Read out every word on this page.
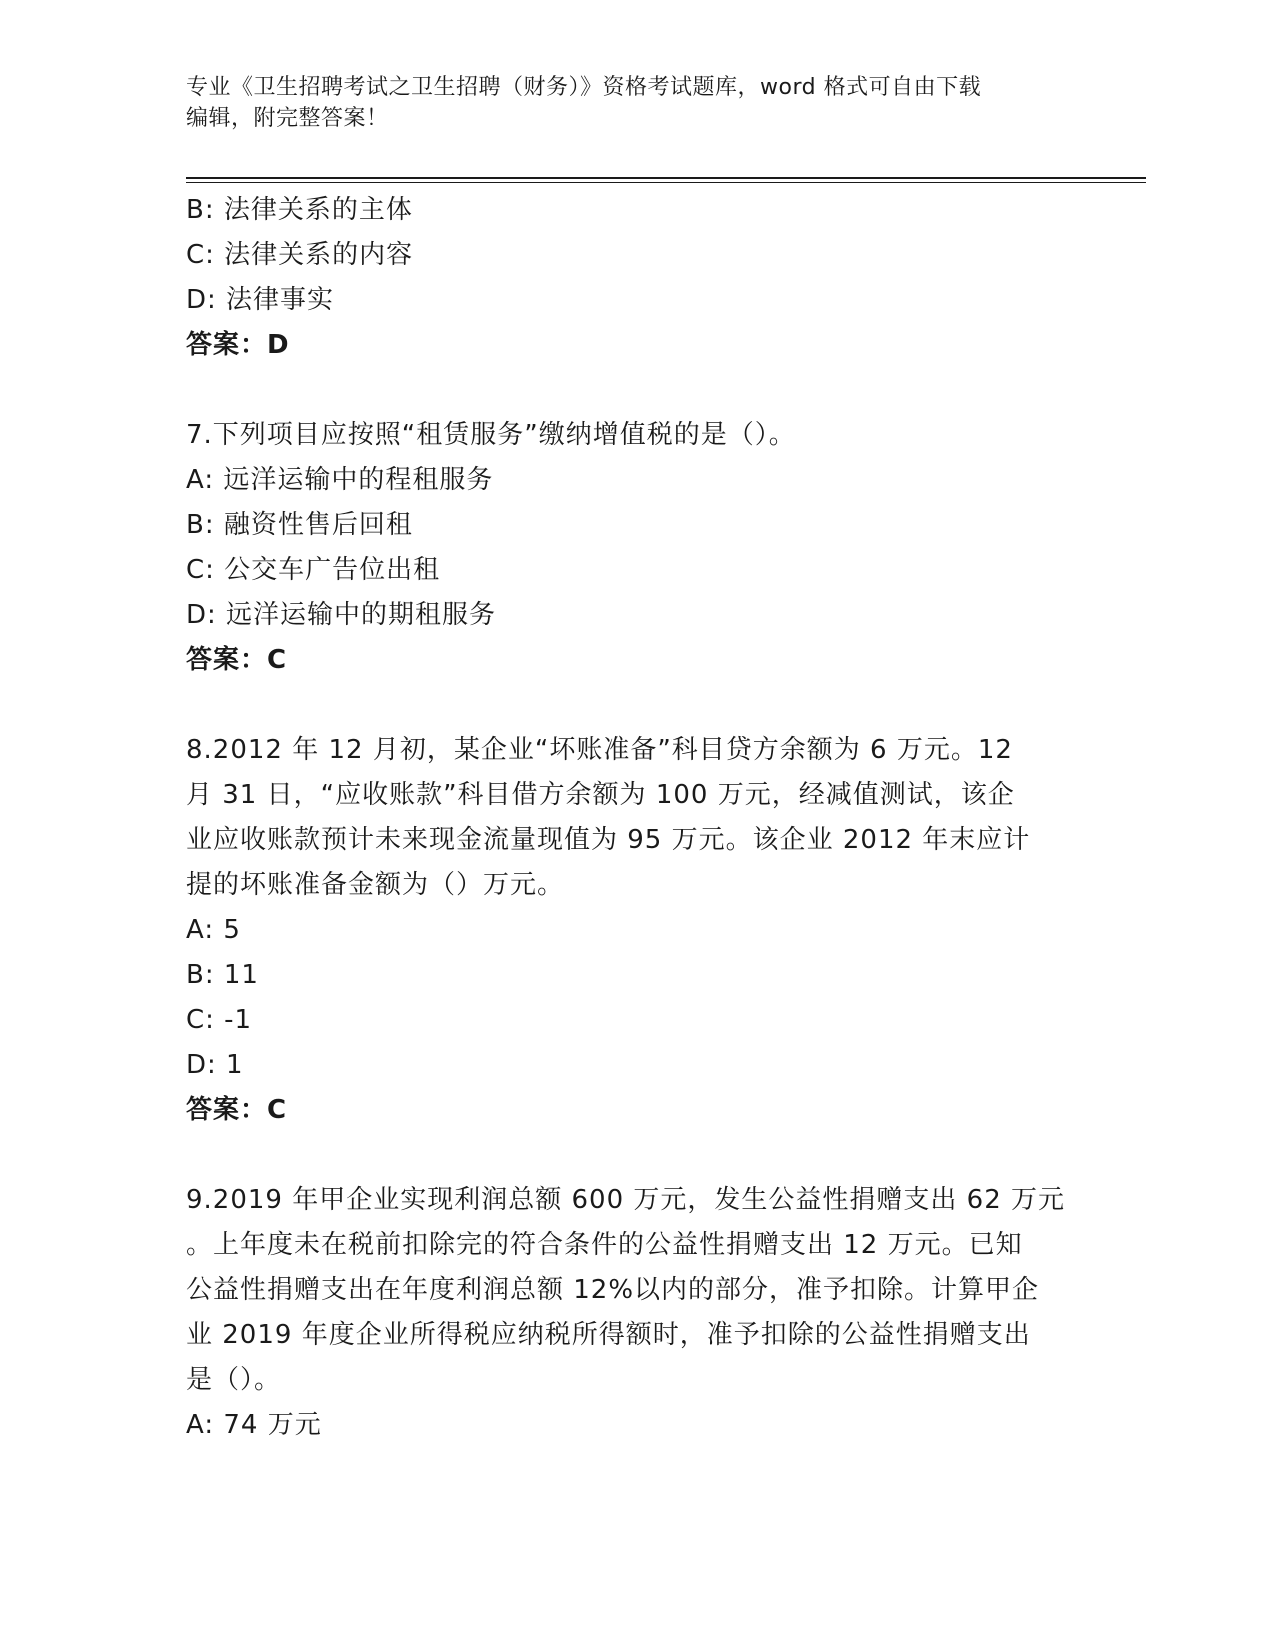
专业《卫生招聘考试之卫生招聘（财务）》资格考试题库，word 格式可自由下载
编辑，附完整答案！

B: 法律关系的主体

C: 法律关系的内容

D: 法律事实

答案：D

7.下列项目应按照“租赁服务”缴纳增值税的是（）。

A: 远洋运输中的程租服务

B: 融资性售后回租

C: 公交车广告位出租

D: 远洋运输中的期租服务

答案：C

8.2012 年 12 月初，某企业“坏账准备”科目贷方余额为 6 万元。12

月 31 日，“应收账款”科目借方余额为 100 万元，经减值测试，该企

业应收账款预计未来现金流量现值为 95 万元。该企业 2012 年末应计

提的坏账准备金额为（）万元。

A: 5

B: 11

C: -1

D: 1

答案：C

9.2019 年甲企业实现利润总额 600 万元，发生公益性捐赠支出 62 万元

。上年度未在税前扣除完的符合条件的公益性捐赠支出 12 万元。已知

公益性捐赠支出在年度利润总额 12%以内的部分，准予扣除。计算甲企

业 2019 年度企业所得税应纳税所得额时，准予扣除的公益性捐赠支出

是（）。

A: 74 万元
